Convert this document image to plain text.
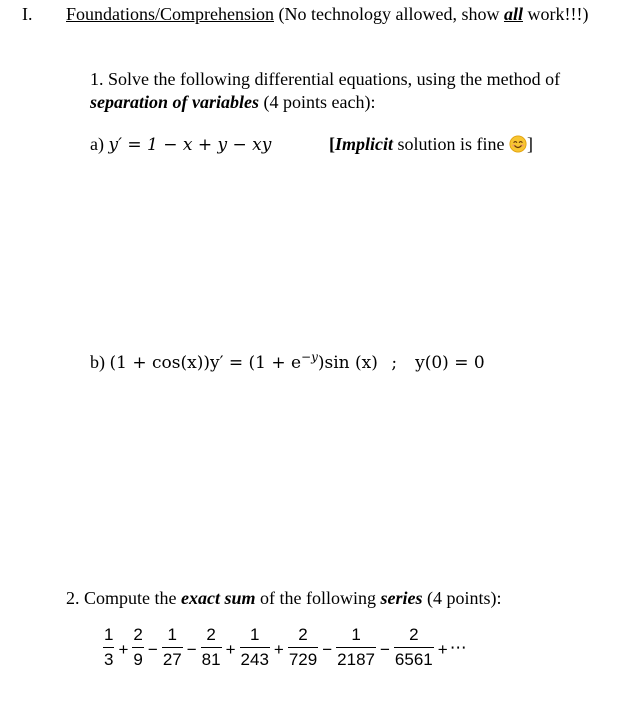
I. Foundations/Comprehension (No technology allowed, show all work!!!)
1. Solve the following differential equations, using the method of
separation of variables (4 points each):
a) y′ = 1 − x + y − xy	[Implicit solution is fine ]
b) $(1 + \cos(x))y' = (1 + e^{-y})\sin$ (x) ; y(0) = 0
2. Compute the exact sum of the following series (4 points):
$\frac{1}{3} + \frac{2}{9} - \frac{1}{27} - \frac{2}{81} + \frac{1}{243} + \frac{2}{729} - \frac{1}{2187} - \frac{2}{6561}$ + ⋯
